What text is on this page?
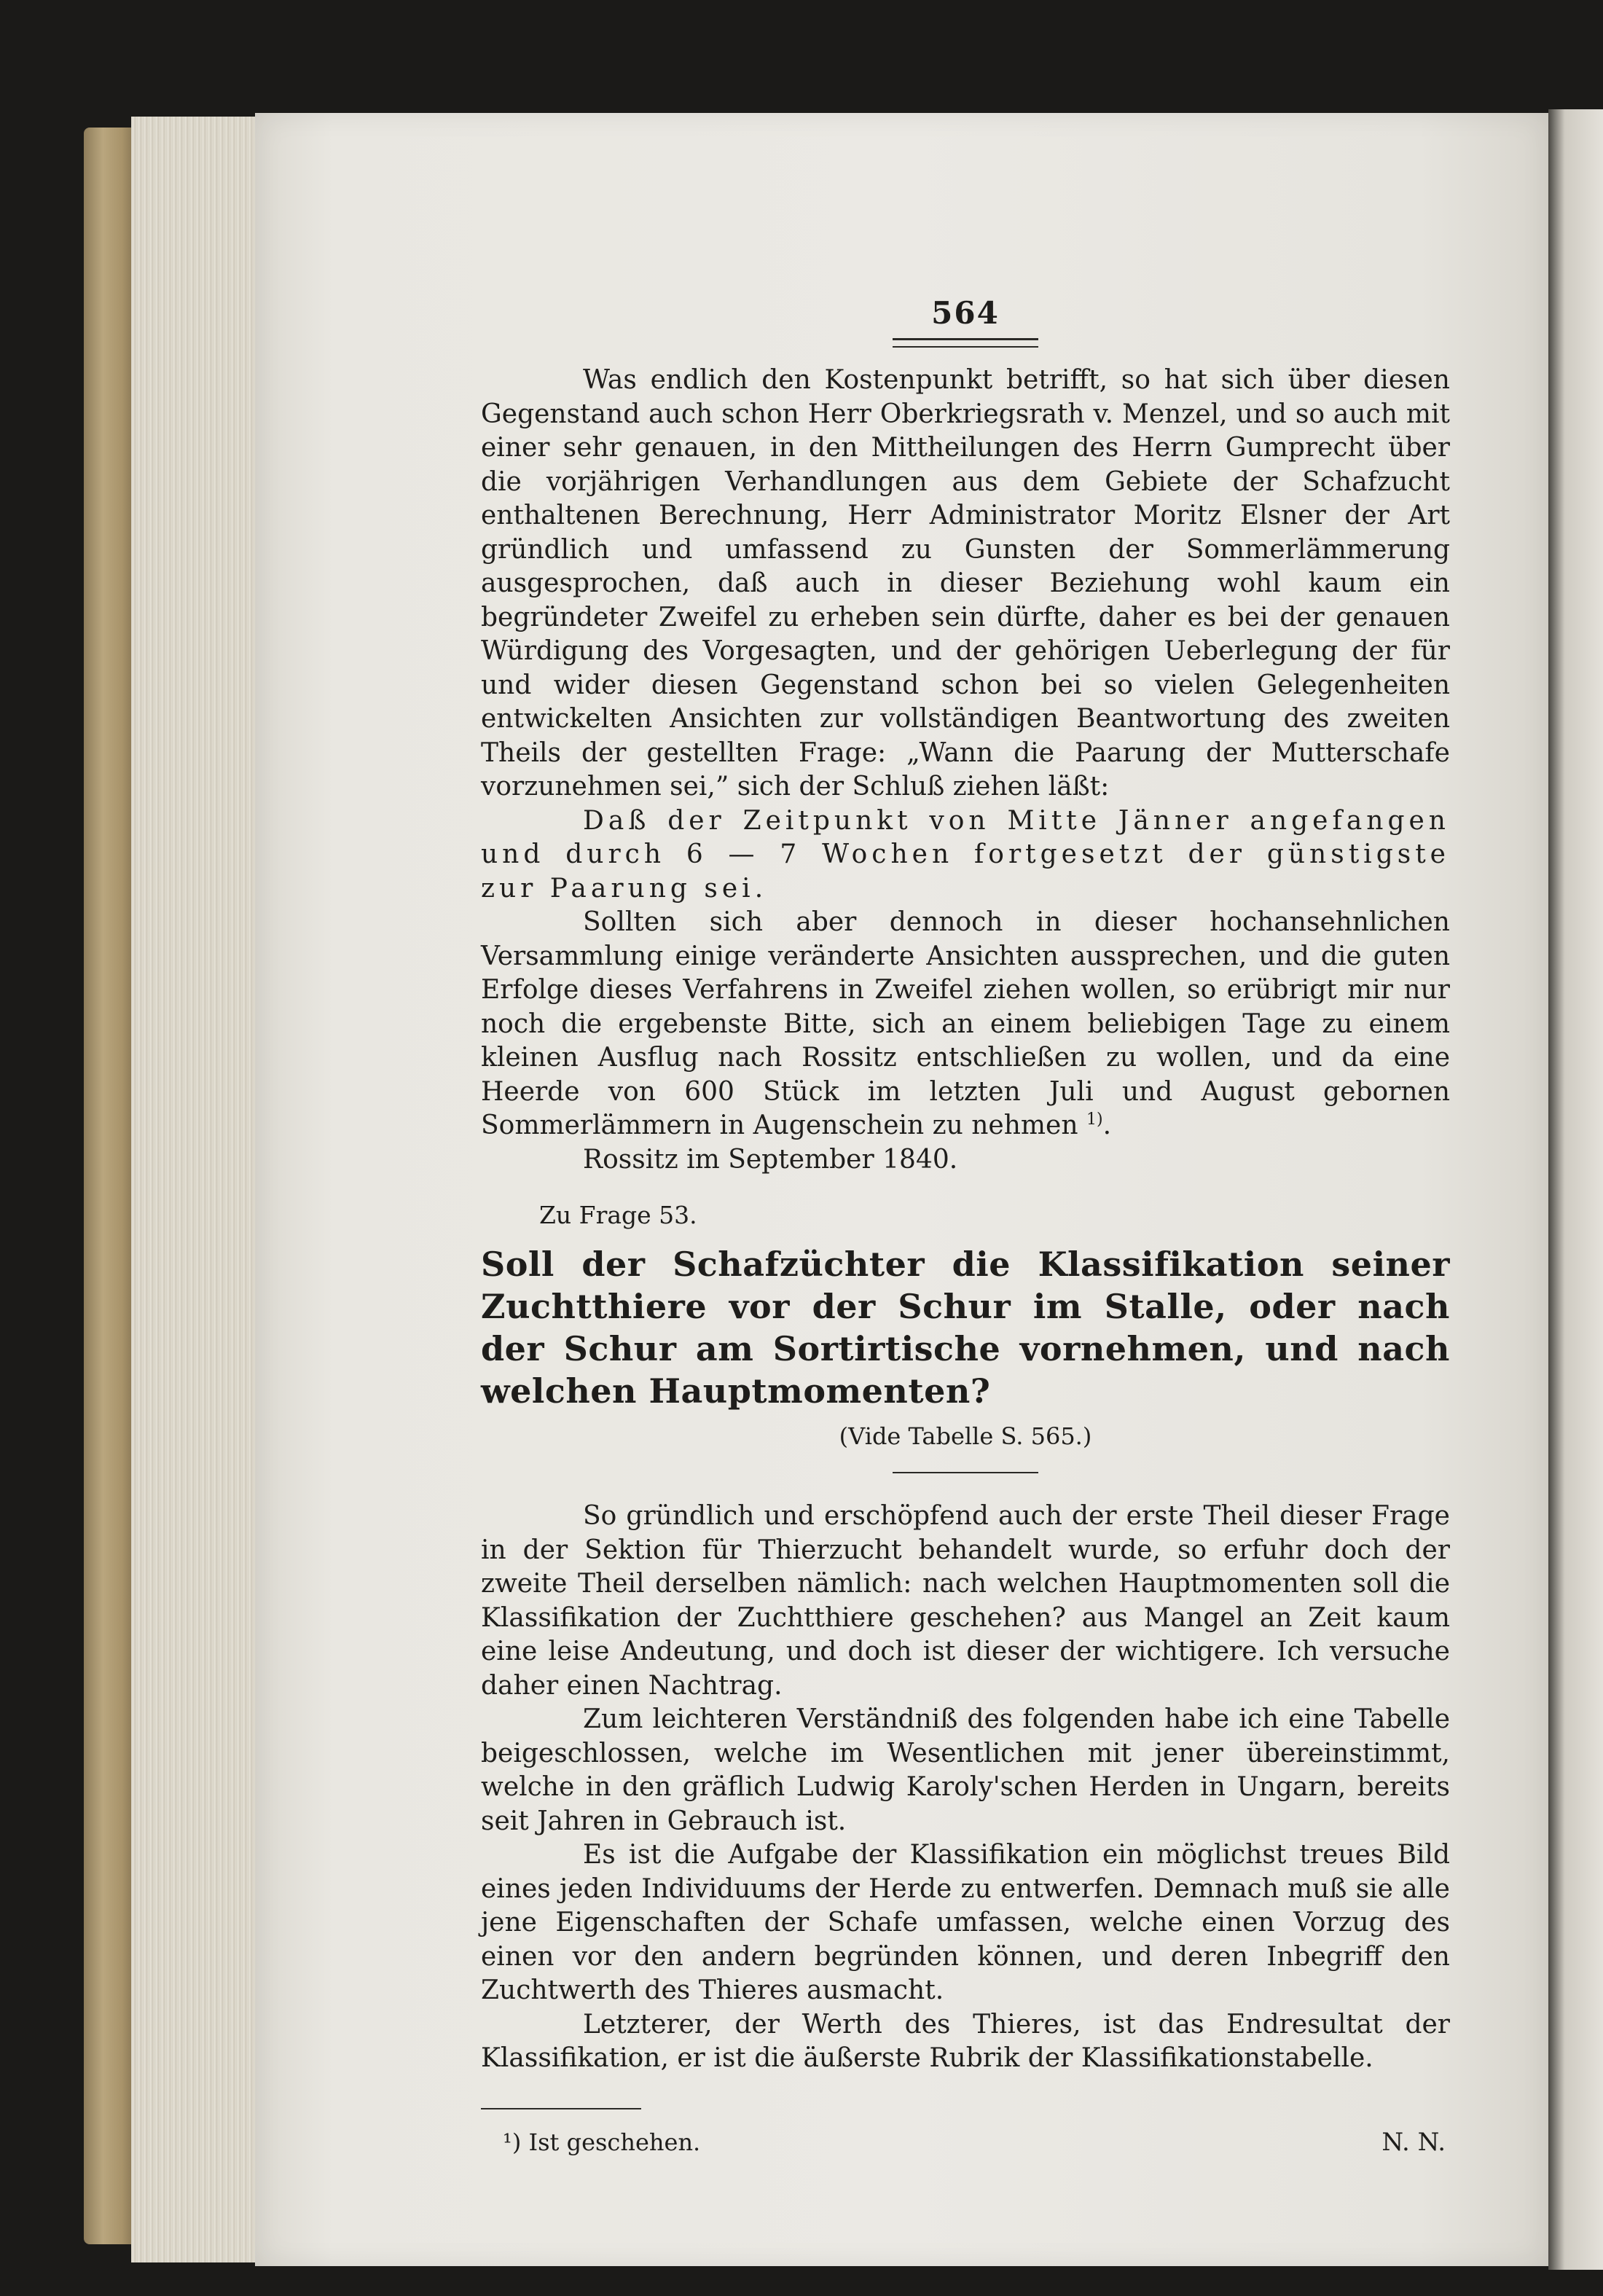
564

Was endlich den Kostenpunkt betrifft, so hat sich über diesen Gegenstand auch schon Herr Oberkriegsrath v. Menzel, und so auch mit einer sehr genauen, in den Mittheilungen des Herrn Gumprecht über die vorjährigen Verhandlungen aus dem Gebiete der Schafzucht enthaltenen Berechnung, Herr Administrator Moritz Elsner der Art gründlich und umfassend zu Gunsten der Sommerlämmerung ausgesprochen, daß auch in dieser Beziehung wohl kaum ein begründeter Zweifel zu erheben sein dürfte, daher es bei der genauen Würdigung des Vorgesagten, und der gehörigen Ueberlegung der für und wider diesen Gegenstand schon bei so vielen Gelegenheiten entwickelten Ansichten zur vollständigen Beantwortung des zweiten Theils der gestellten Frage: „Wann die Paarung der Mutterschafe vorzunehmen sei,” sich der Schluß ziehen läßt:

Daß der Zeitpunkt von Mitte Jänner angefangen und durch 6 — 7 Wochen fortgesetzt der günstigste zur Paarung sei.

Sollten sich aber dennoch in dieser hochansehnlichen Versammlung einige veränderte Ansichten aussprechen, und die guten Erfolge dieses Verfahrens in Zweifel ziehen wollen, so erübrigt mir nur noch die ergebenste Bitte, sich an einem beliebigen Tage zu einem kleinen Ausflug nach Rossitz entschließen zu wollen, und da eine Heerde von 600 Stück im letzten Juli und August gebornen Sommerlämmern in Augenschein zu nehmen $^{1)}$.

Rossitz im September 1840.

Zu Frage 53.

Soll der Schafzüchter die Klassifikation seiner Zuchtthiere vor der Schur im Stalle, oder nach der Schur am Sortirtische vornehmen, und nach welchen Hauptmomenten?

(Vide Tabelle S. 565.)

So gründlich und erschöpfend auch der erste Theil dieser Frage in der Sektion für Thierzucht behandelt wurde, so erfuhr doch der zweite Theil derselben nämlich: nach welchen Hauptmomenten soll die Klassifikation der Zuchtthiere geschehen? aus Mangel an Zeit kaum eine leise Andeutung, und doch ist dieser der wichtigere. Ich versuche daher einen Nachtrag.

Zum leichteren Verständniß des folgenden habe ich eine Tabelle beigeschlossen, welche im Wesentlichen mit jener übereinstimmt, welche in den gräflich Ludwig Karoly'schen Herden in Ungarn, bereits seit Jahren in Gebrauch ist.

Es ist die Aufgabe der Klassifikation ein möglichst treues Bild eines jeden Individuums der Herde zu entwerfen. Demnach muß sie alle jene Eigenschaften der Schafe umfassen, welche einen Vorzug des einen vor den andern begründen können, und deren Inbegriff den Zuchtwerth des Thieres ausmacht.

Letzterer, der Werth des Thieres, ist das Endresultat der Klassifikation, er ist die äußerste Rubrik der Klassifikationstabelle.

¹) Ist geschehen.	N. N.
